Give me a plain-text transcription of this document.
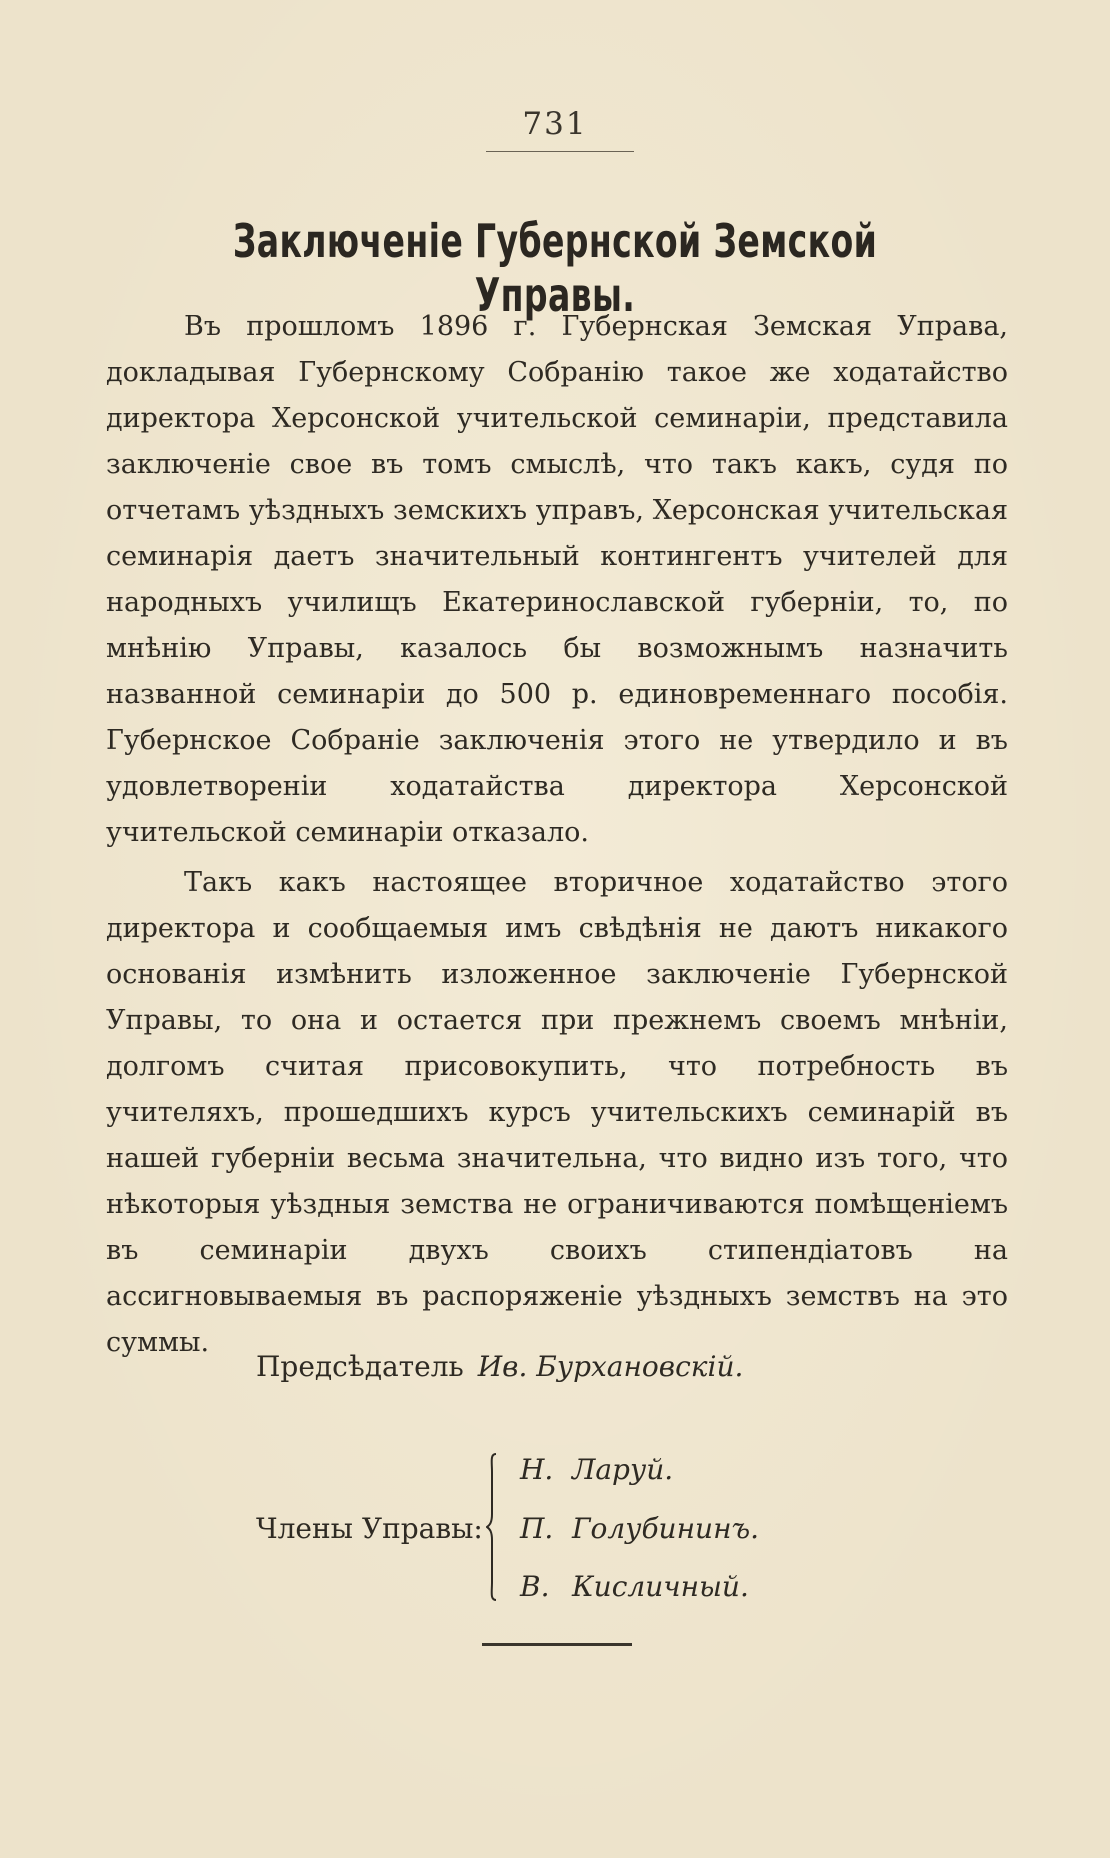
731
Заключеніе Губернской Земской Управы.

Въ прошломъ 1896 г. Губернская Земская Управа, докладывая Губернскому Собранію такое же ходатайство директора Херсонской учительской семинаріи, представила заключеніе свое въ томъ смыслѣ, что такъ какъ, судя по отчетамъ уѣздныхъ земскихъ управъ, Херсонская учительская семинарія даетъ значительный контингентъ учителей для народныхъ училищъ Екатеринославской губерніи, то, по мнѣнію Управы, казалось бы возможнымъ назначить названной семинаріи до 500 р. единовременнаго пособія. Губернское Собраніе заключенія этого не утвердило и въ удовлетвореніи ходатайства директора Херсонской учительской семинаріи отказало.

Такъ какъ настоящее вторичное ходатайство этого директора и сообщаемыя имъ свѣдѣнія не даютъ никакого основанія измѣнить изложенное заключеніе Губернской Управы, то она и остается при прежнемъ своемъ мнѣніи, долгомъ считая присовокупить, что потребность въ учителяхъ, прошедшихъ курсъ учительскихъ семинарій въ нашей губерніи весьма значительна, что видно изъ того, что нѣкоторыя уѣздныя земства не ограничиваются помѣщеніемъ въ семинаріи двухъ своихъ стипендіатовъ на ассигновываемыя въ распоряженіе уѣздныхъ земствъ на это суммы.

Предсѣдатель Ив. Бурхановскій.
Члены Управы:
Н. Ларуй.
П. Голубининъ.
В. Кисличный.
